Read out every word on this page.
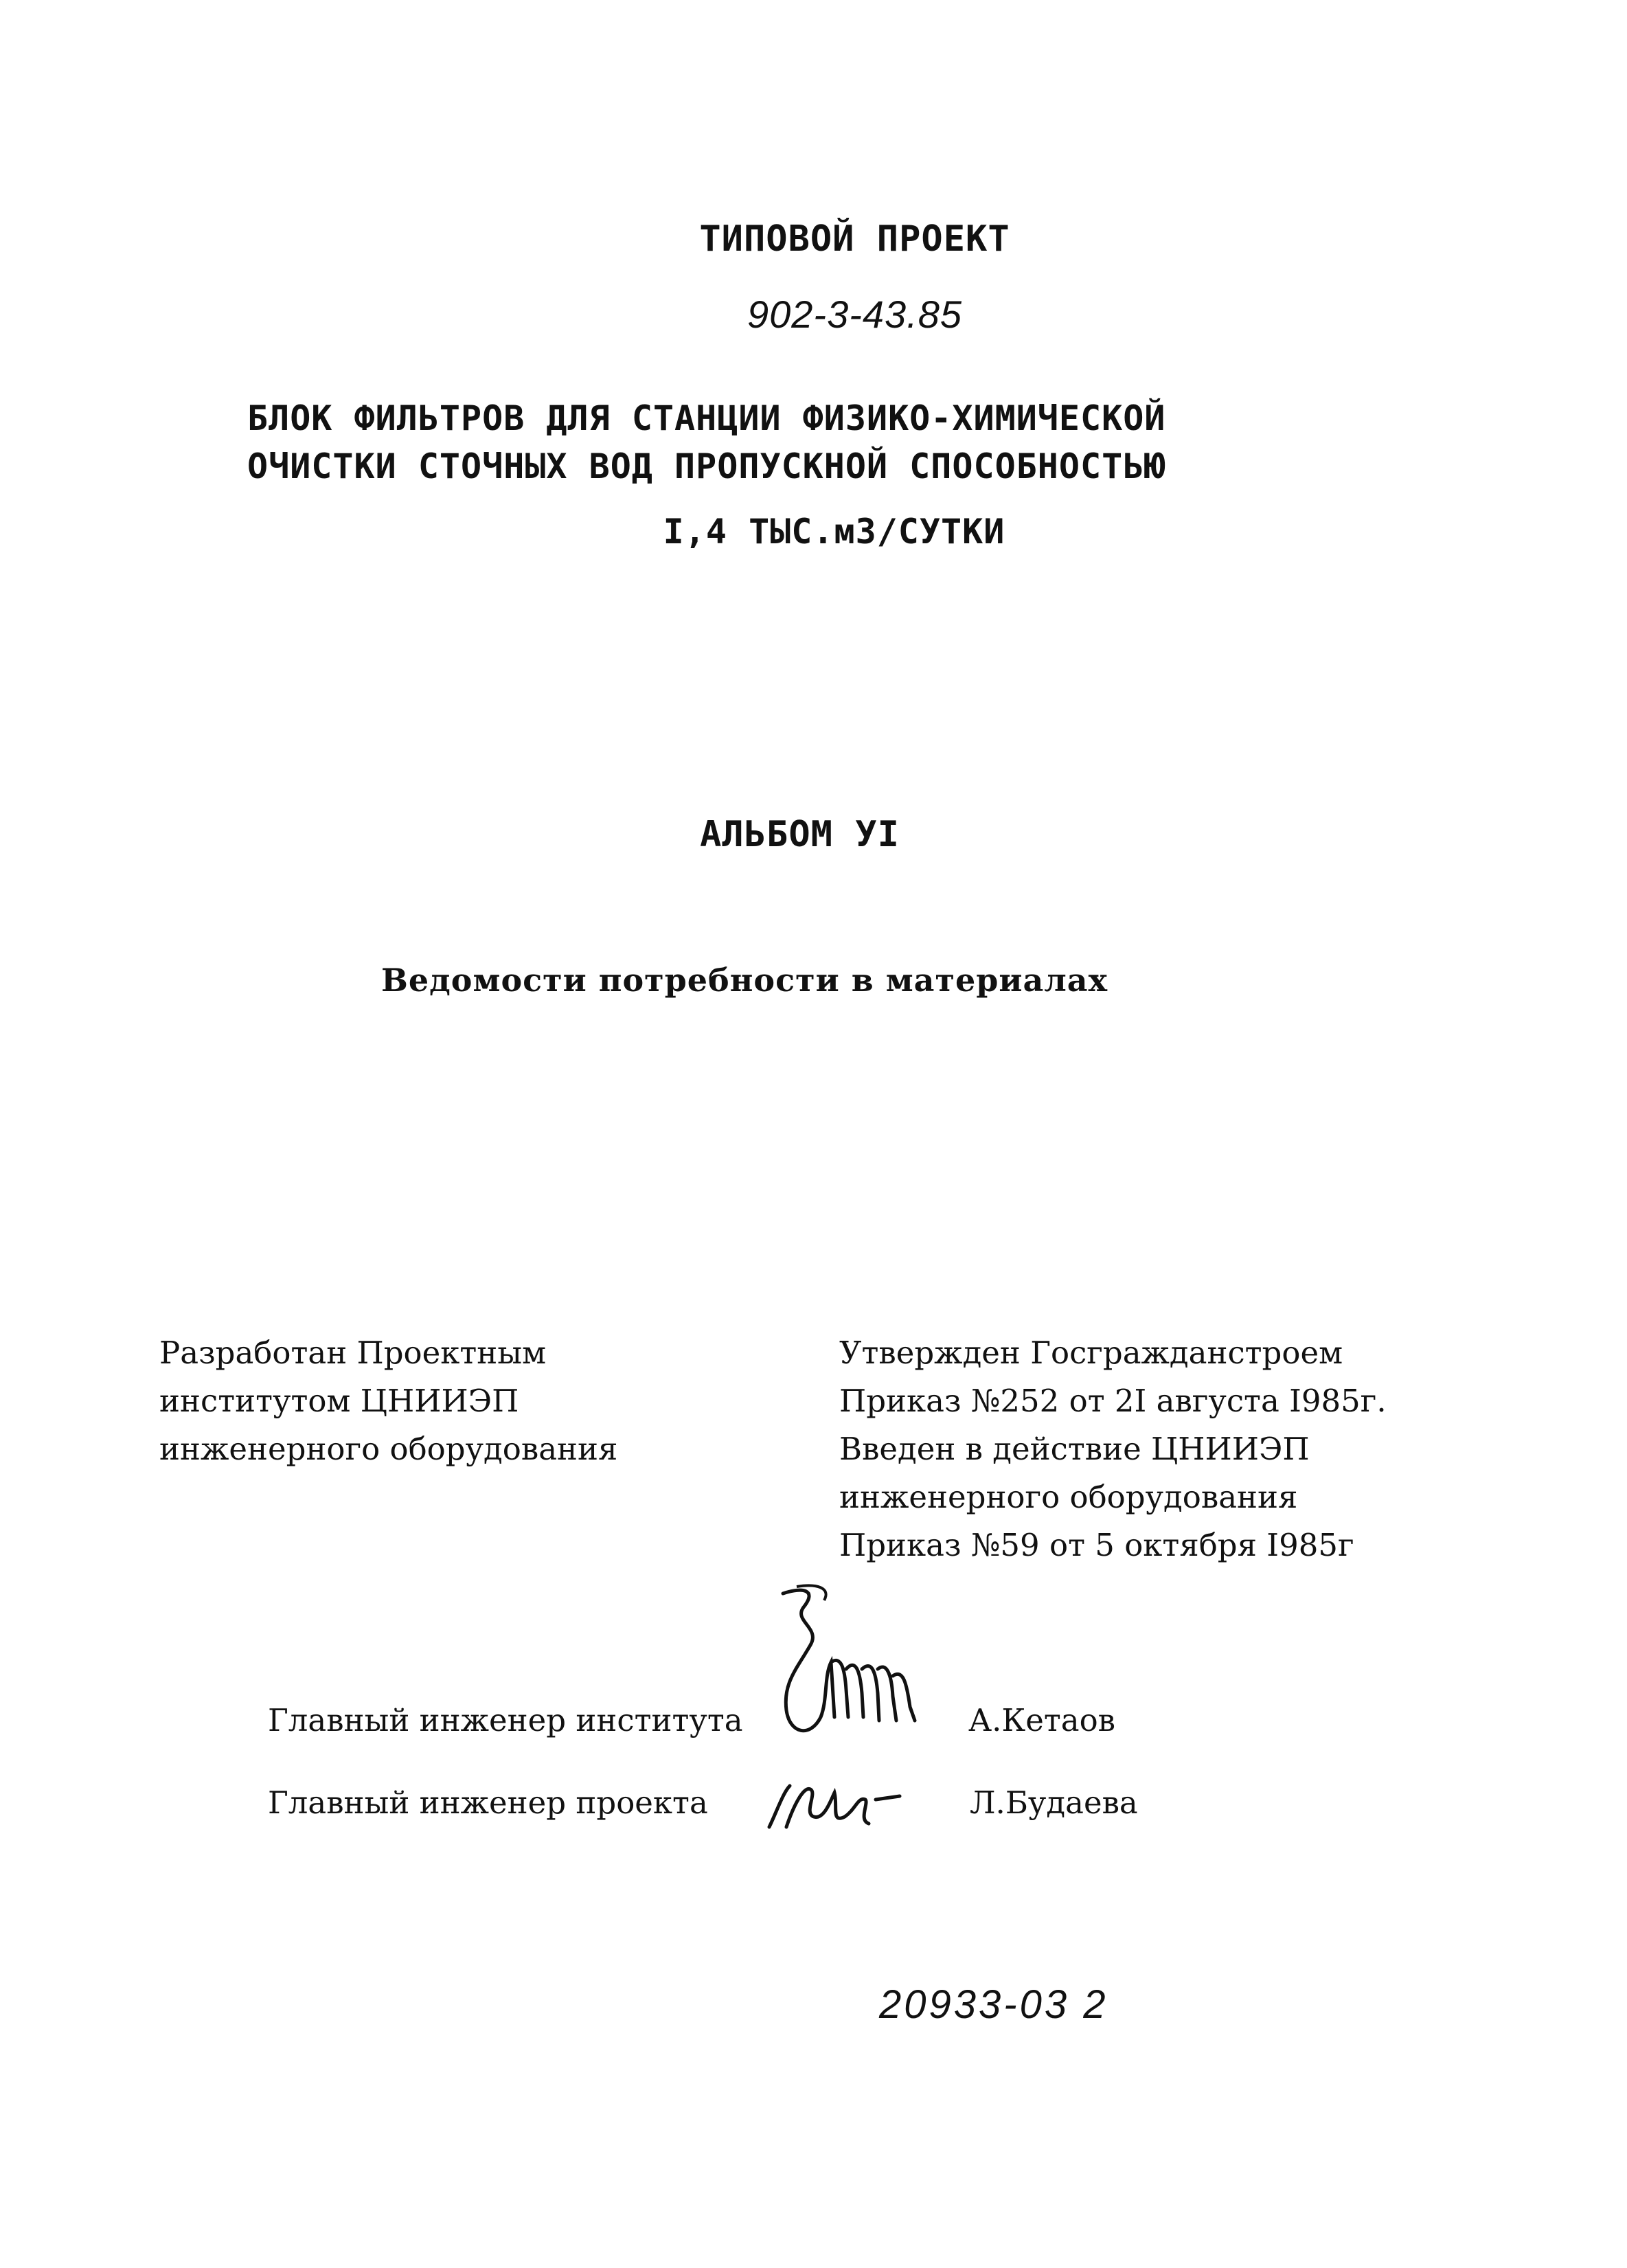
ТИПОВОЙ ПРОЕКТ
902-3-43.85
БЛОК ФИЛЬТРОВ ДЛЯ СТАНЦИИ ФИЗИКО-ХИМИЧЕСКОЙ
ОЧИСТКИ СТОЧНЫХ ВОД ПРОПУСКНОЙ СПОСОБНОСТЬЮ
I,4 ТЫС.м3/СУТКИ
АЛЬБОМ УI
Ведомости потребности в материалах
Разработан Проектным
институтом ЦНИИЭП
инженерного оборудования
Утвержден Госгражданстроем
Приказ №252 от 2I августа I985г.
Введен в действие ЦНИИЭП
инженерного оборудования
Приказ №59 от 5 октября I985г
Главный инженер института	А.Кетаов
Главный инженер проекта	Л.Будаева
20933-03 2
